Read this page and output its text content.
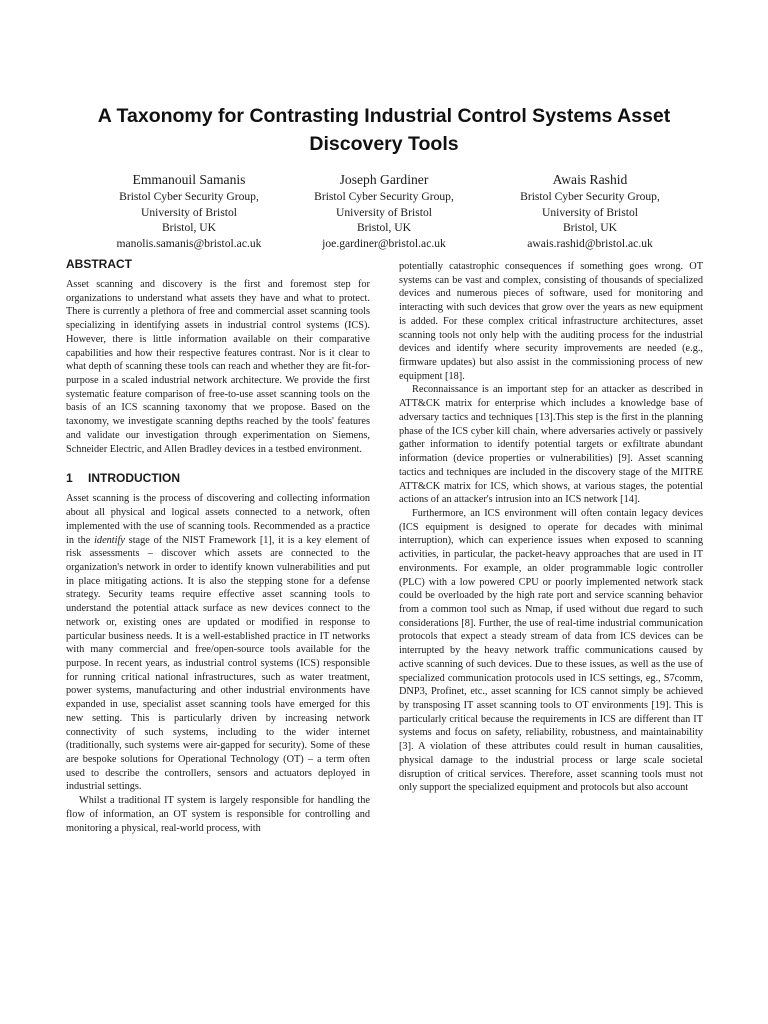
A Taxonomy for Contrasting Industrial Control Systems Asset Discovery Tools
Emmanouil Samanis
Bristol Cyber Security Group,
University of Bristol
Bristol, UK
manolis.samanis@bristol.ac.uk
Joseph Gardiner
Bristol Cyber Security Group,
University of Bristol
Bristol, UK
joe.gardiner@bristol.ac.uk
Awais Rashid
Bristol Cyber Security Group,
University of Bristol
Bristol, UK
awais.rashid@bristol.ac.uk
ABSTRACT

Asset scanning and discovery is the first and foremost step for organizations to understand what assets they have and what to protect. There is currently a plethora of free and commercial asset scanning tools specializing in identifying assets in industrial control systems (ICS). However, there is little information available on their comparative capabilities and how their respective features contrast. Nor is it clear to what depth of scanning these tools can reach and whether they are fit-for-purpose in a scaled industrial network architecture. We provide the first systematic feature comparison of free-to-use asset scanning tools on the basis of an ICS scanning taxonomy that we propose. Based on the taxonomy, we investigate scanning depths reached by the tools' features and validate our investigation through experimentation on Siemens, Schneider Electric, and Allen Bradley devices in a testbed environment.

1 INTRODUCTION

Asset scanning is the process of discovering and collecting information about all physical and logical assets connected to a network, often implemented with the use of scanning tools. Recommended as a practice in the identify stage of the NIST Framework [1], it is a key element of risk assessments – discover which assets are connected to the organization's network in order to identify known vulnerabilities and put in place mitigating actions. It is also the stepping stone for a defense strategy. Security teams require effective asset scanning tools to understand the potential attack surface as new devices connect to the network or, existing ones are updated or modified in response to particular business needs. It is a well-established practice in IT networks with many commercial and free/open-source tools available for the purpose. In recent years, as industrial control systems (ICS) responsible for running critical national infrastructures, such as water treatment, power systems, manufacturing and other industrial environments have expanded in use, specialist asset scanning tools have emerged for this new setting. This is particularly driven by increasing network connectivity of such systems, including to the wider internet (traditionally, such systems were air-gapped for security). Some of these are bespoke solutions for Operational Technology (OT) – a term often used to describe the controllers, sensors and actuators deployed in industrial settings.

Whilst a traditional IT system is largely responsible for handling the flow of information, an OT system is responsible for controlling and monitoring a physical, real-world process, with

potentially catastrophic consequences if something goes wrong. OT systems can be vast and complex, consisting of thousands of specialized devices and numerous pieces of software, used for monitoring and interacting with such devices that grow over the years as new equipment is added. For these complex critical infrastructure architectures, asset scanning tools not only help with the auditing process for the industrial devices and identify where security improvements are needed (e.g., firmware updates) but also assist in the commissioning process of new equipment [18].

Reconnaissance is an important step for an attacker as described in ATT&CK matrix for enterprise which includes a knowledge base of adversary tactics and techniques [13].This step is the first in the planning phase of the ICS cyber kill chain, where adversaries actively or passively gather information to identify potential targets or exfiltrate abundant information (device properties or vulnerabilities) [9]. Asset scanning tactics and techniques are included in the discovery stage of the MITRE ATT&CK matrix for ICS, which shows, at various stages, the potential actions of an attacker's intrusion into an ICS network [14].

Furthermore, an ICS environment will often contain legacy devices (ICS equipment is designed to operate for decades with minimal interruption), which can experience issues when exposed to scanning activities, in particular, the packet-heavy approaches that are used in IT environments. For example, an older programmable logic controller (PLC) with a low powered CPU or poorly implemented network stack could be overloaded by the high rate port and service scanning behavior from a common tool such as Nmap, if used without due regard to such considerations [8]. Further, the use of real-time industrial communication protocols that expect a steady stream of data from ICS devices can be interrupted by the heavy network traffic communications caused by active scanning of such devices. Due to these issues, as well as the use of specialized communication protocols used in ICS settings, eg., S7comm, DNP3, Profinet, etc., asset scanning for ICS cannot simply be achieved by transposing IT asset scanning tools to OT environments [19]. This is particularly critical because the requirements in ICS are different than IT systems and focus on safety, reliability, robustness, and maintainability [3]. A violation of these attributes could result in human causalities, physical damage to the industrial process or large scale societal disruption of critical services. Therefore, asset scanning tools must not only support the specialized equipment and protocols but also account
